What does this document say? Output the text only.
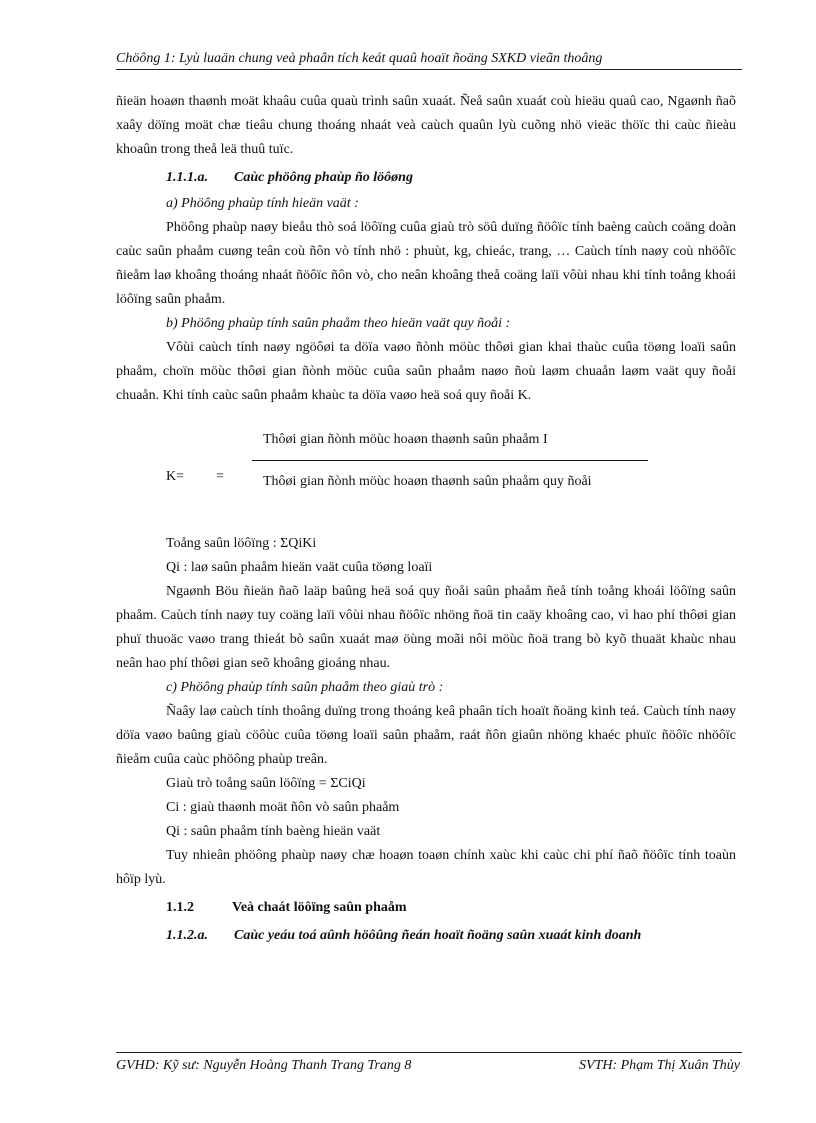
Chöông 1: Lyù luaän chung veà phaân tích keát quaû hoaït ñoäng SXKD vieãn thoâng

ñieän hoaøn thaønh moät khaâu cuûa quaù trình saûn xuaát. Ñeå saûn xuaát coù hieäu quaû cao, Ngaønh ñaõ xaây döïng moät chæ tieâu chung thoáng nhaát veà caùch quaûn lyù cuõng nhö vieäc thöïc thi caùc ñieàu khoaûn trong theå leä thuû tuïc.

1.1.1.a. Caùc phöông phaùp ño löôøng

a) Phöông phaùp tính hieän vaät :

Phöông phaùp naøy bieåu thò soá löôïng cuûa giaù trò söû duïng ñöôïc tính baèng caùch coäng doàn caùc saûn phaåm cuøng teân coù ñôn vò tính nhö : phuùt, kg, chieác, trang, … Caùch tính naøy coù nhöôïc ñieåm laø khoâng thoáng nhaát ñöôïc ñôn vò, cho neân khoâng theå coäng laïi vôùi nhau khi tính toång khoái löôïng saûn phaåm.

b) Phöông phaùp tính saûn phaåm theo hieän vaät quy ñoåi :

Vôùi caùch tính naøy ngöôøi ta döïa vaøo ñònh möùc thôøi gian khai thaùc cuûa töøng loaïi saûn phaåm, choïn möùc thôøi gian ñònh möùc cuûa saûn phaåm naøo ñoù laøm chuaån laøm vaät quy ñoåi chuaån. Khi tính caùc saûn phaåm khaùc ta döïa vaøo heä soá quy ñoåi K.

K= =
Thôøi gian ñònh möùc hoaøn thaønh saûn phaåm I
Thôøi gian ñònh möùc hoaøn thaønh saûn phaåm quy ñoåi

Toång saûn löôïng : ΣQiKi

Qi : laø saûn phaåm hieän vaät cuûa töøng loaïi

Ngaønh Böu ñieän ñaõ laäp baûng heä soá quy ñoåi saûn phaåm ñeå tính toång khoái löôïng saûn phaåm. Caùch tính naøy tuy coäng laïi vôùi nhau ñöôïc nhöng ñoä tin caäy khoâng cao, vì hao phí thôøi gian phuï thuoäc vaøo trang thieát bò saûn xuaát maø öùng moãi nôi möùc ñoä trang bò kyõ thuaät khaùc nhau neân hao phí thôøi gian seõ khoâng gioáng nhau.

c) Phöông phaùp tính saûn phaåm theo giaù trò :

Ñaây laø caùch tính thoâng duïng trong thoáng keâ phaân tích hoaït ñoäng kinh teá. Caùch tính naøy döïa vaøo baûng giaù cöôùc cuûa töøng loaïi saûn phaåm, raát ñôn giaûn nhöng khaéc phuïc ñöôïc nhöôïc ñieåm cuûa caùc phöông phaùp treân.

Giaù trò toång saûn löôïng = ΣCiQi

Ci : giaù thaønh moät ñôn vò saûn phaåm

Qi : saûn phaåm tính baèng hieän vaät

Tuy nhieân phöông phaùp naøy chæ hoaøn toaøn chính xaùc khi caùc chi phí ñaõ ñöôïc tính toaùn hôïp lyù.

1.1.2	Veà chaát löôïng saûn phaåm
1.1.2.a. Caùc yeáu toá aûnh höôûng ñeán hoaït ñoäng saûn xuaát kinh doanh
GVHD: Kỹ sư: Nguyễn Hoàng Thanh Trang Trang 8	SVTH: Phạm Thị Xuân Thủy
